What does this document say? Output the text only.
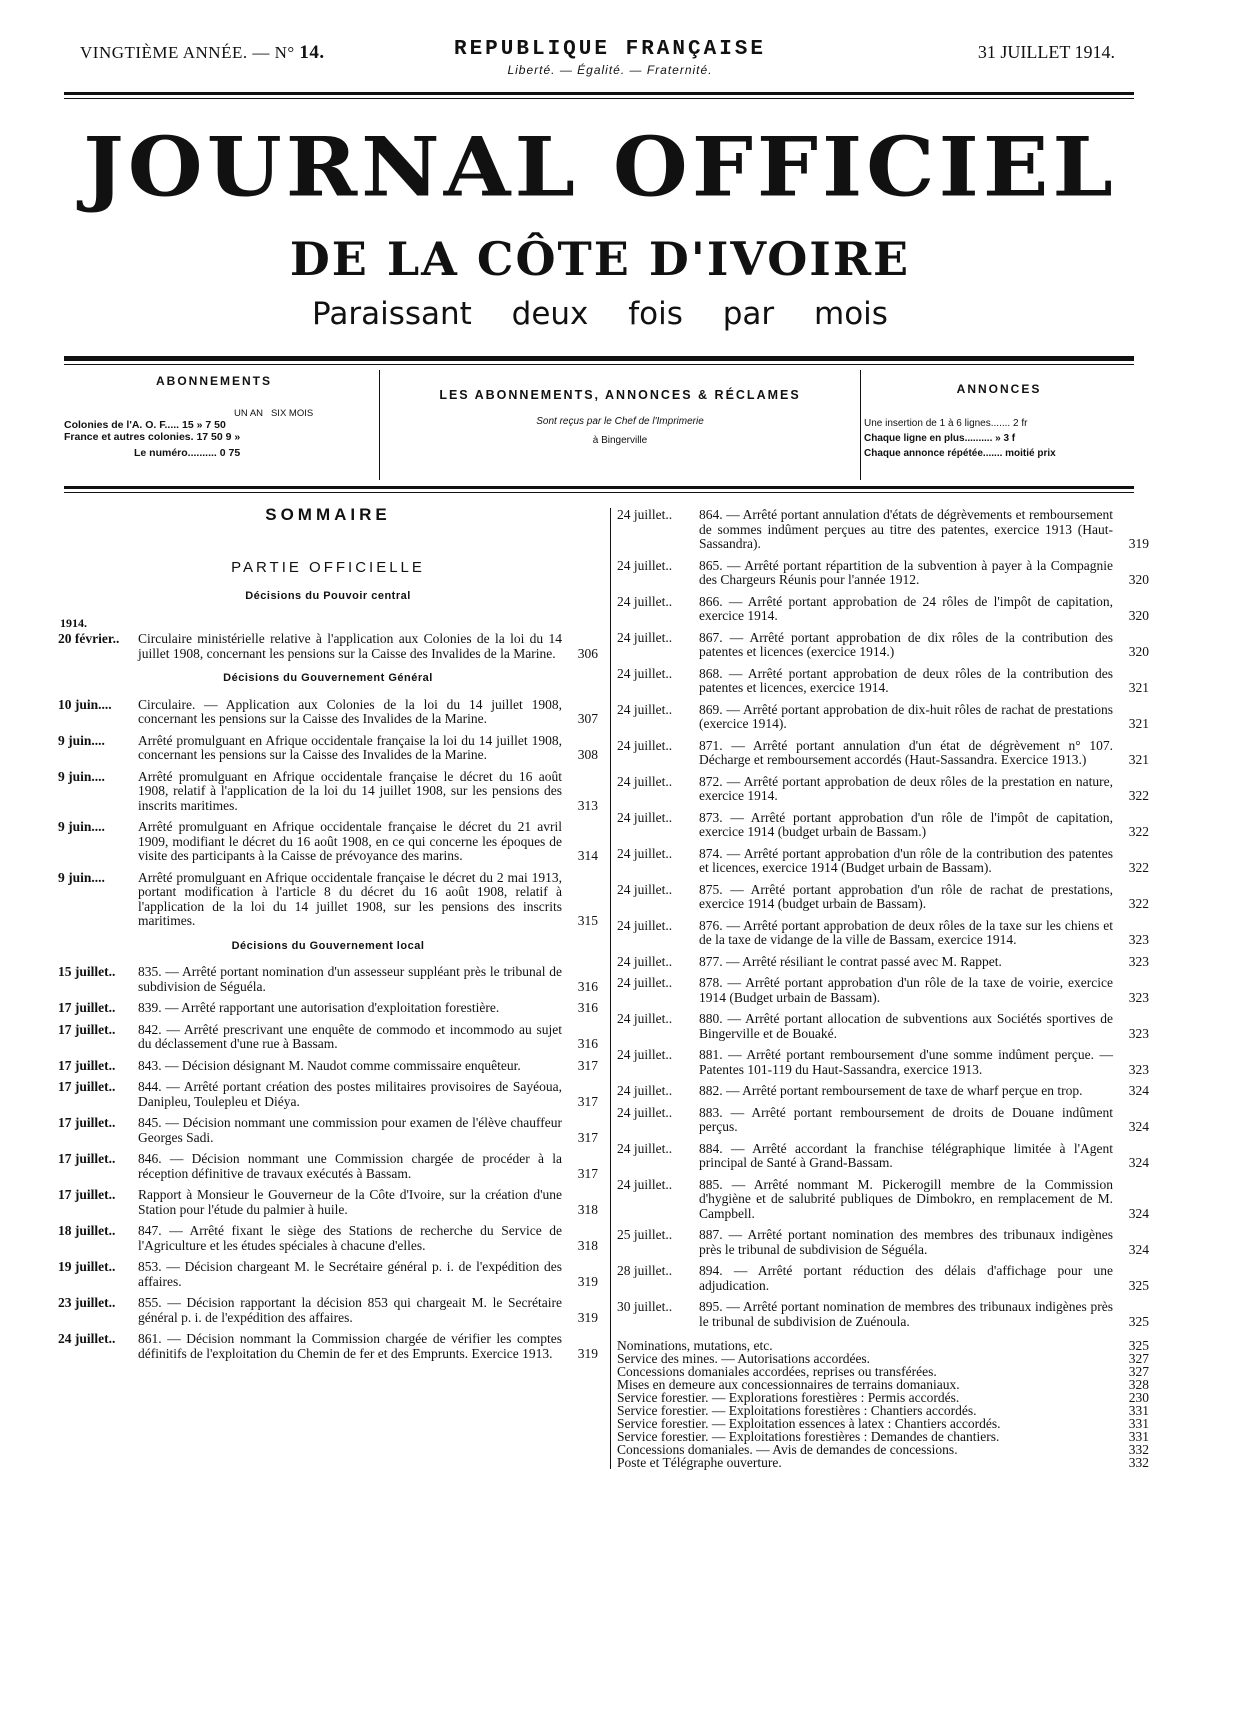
VINGTIÈME ANNÉE. — N° 14.	REPUBLIQUE FRANÇAISE
Liberté. — Égalité. — Fraternité.
31 JUILLET 1914.
JOURNAL OFFICIEL
DE LA CÔTE D'IVOIRE
Paraissant deux fois par mois
ABONNEMENTS
UN AN SIX MOIS
Colonies de l'A. O. F..... 15 » 7 50
France et autres colonies. 17 50 9 »
Le numéro.......... 0 75
LES ABONNEMENTS, ANNONCES & RÉCLAMES
Sont reçus par le Chef de l'Imprimerie
à Bingerville
ANNONCES
Une insertion de 1 à 6 lignes....... 2 fr
Chaque ligne en plus.......... » 3 f
Chaque annonce répétée....... moitié prix
SOMMAIRE
PARTIE OFFICIELLE
Décisions du Pouvoir central
1914.
20 février..	Circulaire ministérielle relative à l'application aux Colonies de la loi du 14 juillet 1908, concernant les pensions sur la Caisse des Invalides de la Marine.	306
Décisions du Gouvernement Général
10 juin....	Circulaire. — Application aux Colonies de la loi du 14 juillet 1908, concernant les pensions sur la Caisse des Invalides de la Marine.	307
9 juin....	Arrêté promulguant en Afrique occidentale française la loi du 14 juillet 1908, concernant les pensions sur la Caisse des Invalides de la Marine.	308
9 juin....	Arrêté promulguant en Afrique occidentale française le décret du 16 août 1908, relatif à l'application de la loi du 14 juillet 1908, sur les pensions des inscrits maritimes.	313
9 juin....	Arrêté promulguant en Afrique occidentale française le décret du 21 avril 1909, modifiant le décret du 16 août 1908, en ce qui concerne les époques de visite des participants à la Caisse de prévoyance des marins.	314
9 juin....	Arrêté promulguant en Afrique occidentale française le décret du 2 mai 1913, portant modification à l'article 8 du décret du 16 août 1908, relatif à l'application de la loi du 14 juillet 1908, sur les pensions des inscrits maritimes.	315
Décisions du Gouvernement local
15 juillet..	835. — Arrêté portant nomination d'un assesseur suppléant près le tribunal de subdivision de Séguéla.	316
17 juillet..	839. — Arrêté rapportant une autorisation d'exploitation forestière.	316
17 juillet..	842. — Arrêté prescrivant une enquête de commodo et incommodo au sujet du déclassement d'une rue à Bassam.	316
17 juillet..	843. — Décision désignant M. Naudot comme commissaire enquêteur.	317
17 juillet..	844. — Arrêté portant création des postes militaires provisoires de Sayéoua, Danipleu, Toulepleu et Diéya.	317
17 juillet..	845. — Décision nommant une commission pour examen de l'élève chauffeur Georges Sadi.	317
17 juillet..	846. — Décision nommant une Commission chargée de procéder à la réception définitive de travaux exécutés à Bassam.	317
17 juillet..	Rapport à Monsieur le Gouverneur de la Côte d'Ivoire, sur la création d'une Station pour l'étude du palmier à huile.	318
18 juillet..	847. — Arrêté fixant le siège des Stations de recherche du Service de l'Agriculture et les études spéciales à chacune d'elles.	318
19 juillet..	853. — Décision chargeant M. le Secrétaire général p. i. de l'expédition des affaires.	319
23 juillet..	855. — Décision rapportant la décision 853 qui chargeait M. le Secrétaire général p. i. de l'expédition des affaires.	319
24 juillet..	861. — Décision nommant la Commission chargée de vérifier les comptes définitifs de l'exploitation du Chemin de fer et des Emprunts. Exercice 1913.	319
24 juillet..	864. — Arrêté portant annulation d'états de dégrèvements et remboursement de sommes indûment perçues au titre des patentes, exercice 1913 (Haut-Sassandra).	319
24 juillet..	865. — Arrêté portant répartition de la subvention à payer à la Compagnie des Chargeurs Réunis pour l'année 1912.	320
24 juillet..	866. — Arrêté portant approbation de 24 rôles de l'impôt de capitation, exercice 1914.	320
24 juillet..	867. — Arrêté portant approbation de dix rôles de la contribution des patentes et licences (exercice 1914.)	320
24 juillet..	868. — Arrêté portant approbation de deux rôles de la contribution des patentes et licences, exercice 1914.	321
24 juillet..	869. — Arrêté portant approbation de dix-huit rôles de rachat de prestations (exercice 1914).	321
24 juillet..	871. — Arrêté portant annulation d'un état de dégrèvement n° 107. Décharge et remboursement accordés (Haut-Sassandra. Exercice 1913.)	321
24 juillet..	872. — Arrêté portant approbation de deux rôles de la prestation en nature, exercice 1914.	322
24 juillet..	873. — Arrêté portant approbation d'un rôle de l'impôt de capitation, exercice 1914 (budget urbain de Bassam.)	322
24 juillet..	874. — Arrêté portant approbation d'un rôle de la contribution des patentes et licences, exercice 1914 (Budget urbain de Bassam).	322
24 juillet..	875. — Arrêté portant approbation d'un rôle de rachat de prestations, exercice 1914 (budget urbain de Bassam).	322
24 juillet..	876. — Arrêté portant approbation de deux rôles de la taxe sur les chiens et de la taxe de vidange de la ville de Bassam, exercice 1914.	323
24 juillet..	877. — Arrêté résiliant le contrat passé avec M. Rappet.	323
24 juillet..	878. — Arrêté portant approbation d'un rôle de la taxe de voirie, exercice 1914 (Budget urbain de Bassam).	323
24 juillet..	880. — Arrêté portant allocation de subventions aux Sociétés sportives de Bingerville et de Bouaké.	323
24 juillet..	881. — Arrêté portant remboursement d'une somme indûment perçue. — Patentes 101-119 du Haut-Sassandra, exercice 1913.	323
24 juillet..	882. — Arrêté portant remboursement de taxe de wharf perçue en trop.	324
24 juillet..	883. — Arrêté portant remboursement de droits de Douane indûment perçus.	324
24 juillet..	884. — Arrêté accordant la franchise télégraphique limitée à l'Agent principal de Santé à Grand-Bassam.	324
24 juillet..	885. — Arrêté nommant M. Pickerogill membre de la Commission d'hygiène et de salubrité publiques de Dimbokro, en remplacement de M. Campbell.	324
25 juillet..	887. — Arrêté portant nomination des membres des tribunaux indigènes près le tribunal de subdivision de Séguéla.	324
28 juillet..	894. — Arrêté portant réduction des délais d'affichage pour une adjudication.	325
30 juillet..	895. — Arrêté portant nomination de membres des tribunaux indigènes près le tribunal de subdivision de Zuénoula.	325
Nominations, mutations, etc.	325
Service des mines. — Autorisations accordées.	327
Concessions domaniales accordées, reprises ou transférées.	327
Mises en demeure aux concessionnaires de terrains domaniaux.	328
Service forestier. — Explorations forestières : Permis accordés.	230
Service forestier. — Exploitations forestières : Chantiers accordés.	331
Service forestier. — Exploitation essences à latex : Chantiers accordés.	331
Service forestier. — Exploitations forestières : Demandes de chantiers.	331
Concessions domaniales. — Avis de demandes de concessions.	332
Poste et Télégraphe ouverture.	332
